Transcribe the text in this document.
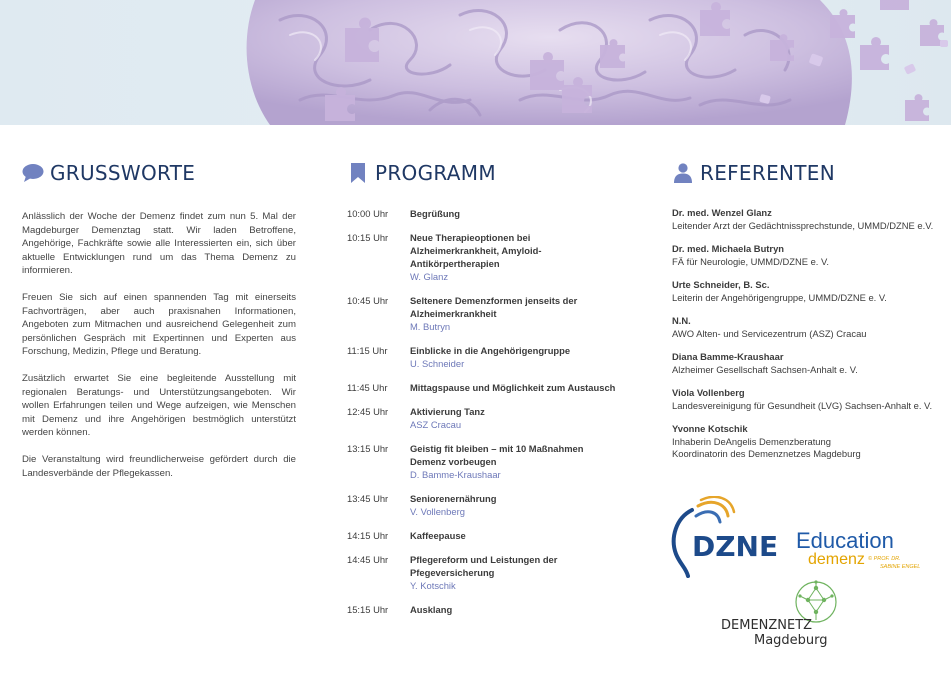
GRUSSWORTE

Anlässlich der Woche der Demenz findet zum nun 5. Mal der Magdeburger Demenztag statt. Wir laden Betroffene, Angehörige, Fachkräfte sowie alle Interessierten ein, sich über aktuelle Entwicklungen rund um das Thema Demenz zu informieren.

Freuen Sie sich auf einen spannenden Tag mit einerseits Fachvorträgen, aber auch praxisnahen Informationen, Angeboten zum Mitmachen und ausreichend Gelegenheit zum persönlichen Gespräch mit Expertinnen und Experten aus Forschung, Medizin, Pflege und Beratung.

Zusätzlich erwartet Sie eine begleitende Ausstellung mit regionalen Beratungs- und Unterstützungsangeboten. Wir wollen Erfahrungen teilen und Wege aufzeigen, wie Menschen mit Demenz und ihre Angehörigen bestmöglich unterstützt werden können.

Die Veranstaltung wird freundlicherweise gefördert durch die Landesverbände der Pflegekassen.

PROGRAMM
10:00 Uhr	Begrüßung
10:15 Uhr	Neue Therapieoptionen bei Alzheimerkrankheit, Amyloid-Antikörpertherapien
W. Glanz
10:45 Uhr	Seltenere Demenzformen jenseits der Alzheimerkrankheit
M. Butryn
11:15 Uhr	Einblicke in die Angehörigengruppe
U. Schneider
11:45 Uhr	Mittagspause und Möglichkeit zum Austausch
12:45 Uhr	Aktivierung Tanz
ASZ Cracau
13:15 Uhr	Geistig fit bleiben – mit 10 Maßnahmen Demenz vorbeugen
D. Bamme-Kraushaar
13:45 Uhr	Seniorenernährung
V. Vollenberg
14:15 Uhr	Kaffeepause
14:45 Uhr	Pflegereform und Leistungen der Pfegeversicherung
Y. Kotschik
15:15 Uhr	Ausklang
REFERENTEN
Dr. med. Wenzel Glanz
Leitender Arzt der Gedächtnissprechstunde, UMMD/DZNE e.V.
Dr. med. Michaela Butryn
FÄ für Neurologie, UMMD/DZNE e. V.
Urte Schneider, B. Sc.
Leiterin der Angehörigengruppe, UMMD/DZNE e. V.
N.N.
AWO Alten- und Servicezentrum (ASZ) Cracau
Diana Bamme-Kraushaar
Alzheimer Gesellschaft Sachsen-Anhalt e. V.
Viola Vollenberg
Landesvereinigung für Gesundheit (LVG) Sachsen-Anhalt e. V.
Yvonne Kotschik
Inhaberin DeAngelis Demenzberatung
Koordinatorin des Demenznetzes Magdeburg
DZNE Education
demenz © PROF. DR.
SABINE ENGEL
DEMENZNETZ
Magdeburg
